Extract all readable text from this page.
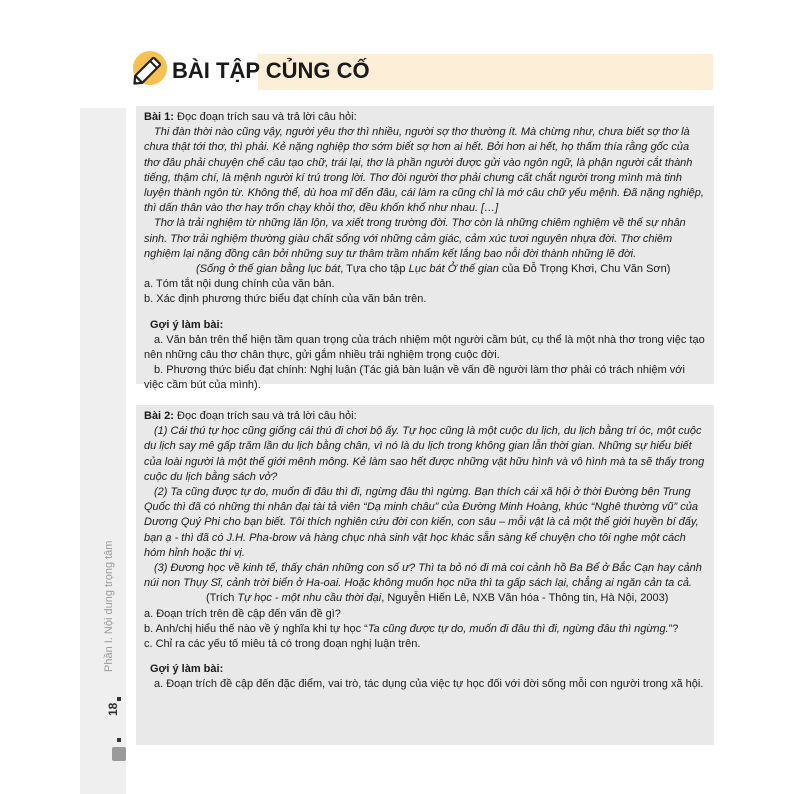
Phần I. Nội dung trọng tâm
18
BÀI TẬP CỦNG CỐ

Bài 1: Đọc đoạn trích sau và trả lời câu hỏi:

Thi đàn thời nào cũng vậy, người yêu thơ thì nhiều, người sợ thơ thường ít. Mà chừng như, chưa biết sợ thơ là chưa thật tới thơ, thì phải. Kẻ nặng nghiệp thơ sớm biết sợ hơn ai hết. Bởi hơn ai hết, họ thấm thía rằng gốc của thơ đâu phải chuyện chế câu tạo chữ, trái lại, thơ là phần người được gửi vào ngôn ngữ, là phận người cắt thành tiếng, thậm chí, là mệnh người kí trú trong lời. Thơ đòi người thơ phải chưng cất chắt người trong mình mà tinh luyện thành ngôn từ. Không thể, dù hoa mĩ đến đâu, cái làm ra cũng chỉ là mớ câu chữ yếu mệnh. Đã nặng nghiệp, thì dấn thân vào thơ hay trốn chạy khỏi thơ, đều khốn khổ như nhau. […]

Thơ là trải nghiệm từ những lăn lộn, va xiết trong trường đời. Thơ còn là những chiêm nghiệm về thế sự nhân sinh. Thơ trải nghiệm thường giàu chất sống với những cảm giác, cảm xúc tươi nguyên nhựa đời. Thơ chiêm nghiệm lại nặng đồng cân bởi những suy tư thâm trầm nhẩm kết lắng bao nỗi đời thành những lẽ đời.

(Sống ở thế gian bằng lục bát, Tựa cho tập Lục bát Ở thế gian của Đỗ Trọng Khơi, Chu Văn Sơn)

a. Tóm tắt nội dung chính của văn bản.

b. Xác định phương thức biểu đạt chính của văn bản trên.

Gợi ý làm bài:

a. Văn bản trên thể hiện tầm quan trọng của trách nhiệm một người cầm bút, cụ thể là một nhà thơ trong việc tạo nên những câu thơ chân thực, gửi gắm nhiều trải nghiệm trọng cuộc đời.

b. Phương thức biểu đạt chính: Nghị luận (Tác giả bàn luận về vấn đề người làm thơ phải có trách nhiệm với việc cầm bút của mình).

Bài 2: Đọc đoạn trích sau và trả lời câu hỏi:

(1) Cái thú tự học cũng giống cái thú đi chơi bộ ấy. Tự học cũng là một cuộc du lịch, du lịch bằng trí óc, một cuộc du lịch say mê gấp trăm lần du lịch bằng chân, vì nó là du lịch trong không gian lẫn thời gian. Những sự hiểu biết của loài người là một thế giới mênh mông. Kẻ làm sao hết được những vật hữu hình và vô hình mà ta sẽ thấy trong cuộc du lịch bằng sách vở?

(2) Ta cũng được tự do, muốn đi đâu thì đi, ngừng đâu thì ngừng. Bạn thích cái xã hội ở thời Đường bên Trung Quốc thì đã có những thi nhân đại tài tả viên “Dạ minh châu” của Đường Minh Hoàng, khúc “Nghê thường vũ” của Dương Quý Phi cho bạn biết. Tôi thích nghiên cứu đời con kiến, con sâu – mỗi vật là cả một thế giới huyền bí đấy, bạn ạ - thì đã có J.H. Pha-brow và hàng chục nhà sinh vật học khác sẵn sàng kể chuyện cho tôi nghe một cách hóm hỉnh hoặc thi vị.

(3) Đương học về kinh tế, thấy chán những con số ư? Thì ta bỏ nó đi mà coi cảnh hồ Ba Bể ở Bắc Cạn hay cảnh núi non Thụy Sĩ, cảnh trời biển ở Ha-oai. Hoặc không muốn học nữa thì ta gấp sách lại, chẳng ai ngăn cản ta cả.

(Trích Tự học - một nhu cầu thời đại, Nguyễn Hiến Lê, NXB Văn hóa - Thông tin, Hà Nội, 2003)

a. Đoạn trích trên đề cập đến vấn đề gì?

b. Anh/chị hiểu thế nào về ý nghĩa khi tự học “Ta cũng được tự do, muốn đi đâu thì đi, ngừng đâu thì ngừng.”?

c. Chỉ ra các yếu tố miêu tả có trong đoạn nghị luận trên.

Gợi ý làm bài:

a. Đoạn trích đề cập đến đặc điểm, vai trò, tác dụng của việc tự học đối với đời sống mỗi con người trong xã hội.
